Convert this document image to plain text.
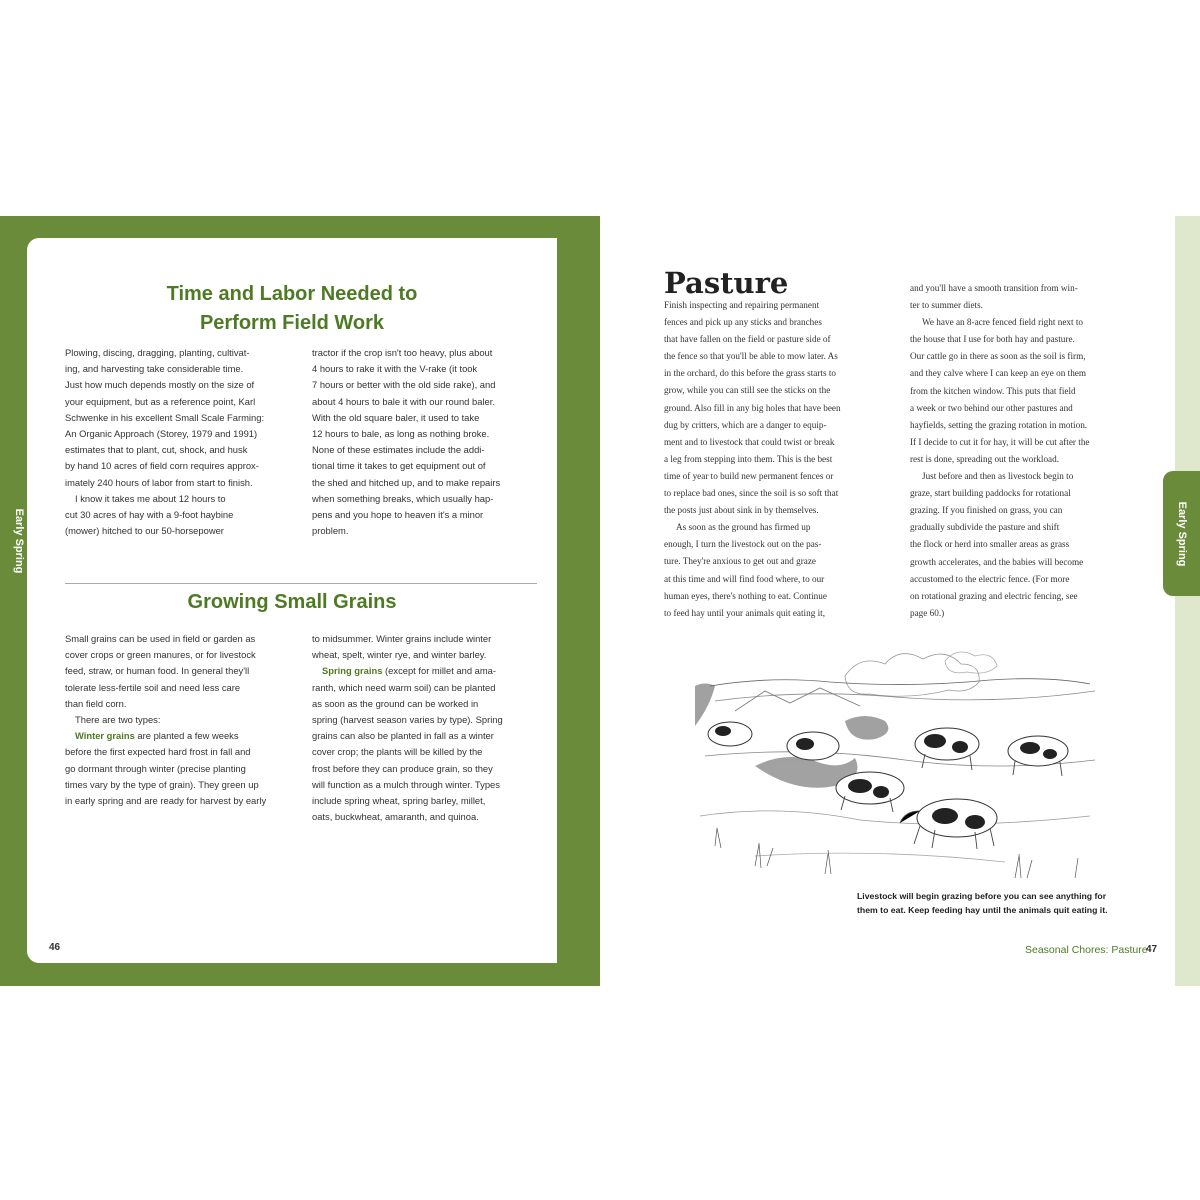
Early Spring
Time and Labor Needed to
Perform Field Work

Plowing, discing, dragging, planting, cultivat-

ing, and harvesting take considerable time.

Just how much depends mostly on the size of

your equipment, but as a reference point, Karl

Schwenke in his excellent Small Scale Farming:

An Organic Approach (Storey, 1979 and 1991)

estimates that to plant, cut, shock, and husk

by hand 10 acres of field corn requires approx-

imately 240 hours of labor from start to finish.

I know it takes me about 12 hours to

cut 30 acres of hay with a 9-foot haybine

(mower) hitched to our 50-horsepower

tractor if the crop isn't too heavy, plus about

4 hours to rake it with the V-rake (it took

7 hours or better with the old side rake), and

about 4 hours to bale it with our round baler.

With the old square baler, it used to take

12 hours to bale, as long as nothing broke.

None of these estimates include the addi-

tional time it takes to get equipment out of

the shed and hitched up, and to make repairs

when something breaks, which usually hap-

pens and you hope to heaven it's a minor

problem.

Growing Small Grains

Small grains can be used in field or garden as

cover crops or green manures, or for livestock

feed, straw, or human food. In general they'll

tolerate less-fertile soil and need less care

than field corn.

There are two types:

Winter grains are planted a few weeks

before the first expected hard frost in fall and

go dormant through winter (precise planting

times vary by the type of grain). They green up

in early spring and are ready for harvest by early

to midsummer. Winter grains include winter

wheat, spelt, winter rye, and winter barley.

Spring grains (except for millet and ama-

ranth, which need warm soil) can be planted

as soon as the ground can be worked in

spring (harvest season varies by type). Spring

grains can also be planted in fall as a winter

cover crop; the plants will be killed by the

frost before they can produce grain, so they

will function as a mulch through winter. Types

include spring wheat, spring barley, millet,

oats, buckwheat, amaranth, and quinoa.

46
Early Spring
Pasture

Finish inspecting and repairing permanent

fences and pick up any sticks and branches

that have fallen on the field or pasture side of

the fence so that you'll be able to mow later. As

in the orchard, do this before the grass starts to

grow, while you can still see the sticks on the

ground. Also fill in any big holes that have been

dug by critters, which are a danger to equip-

ment and to livestock that could twist or break

a leg from stepping into them. This is the best

time of year to build new permanent fences or

to replace bad ones, since the soil is so soft that

the posts just about sink in by themselves.

As soon as the ground has firmed up

enough, I turn the livestock out on the pas-

ture. They're anxious to get out and graze

at this time and will find food where, to our

human eyes, there's nothing to eat. Continue

to feed hay until your animals quit eating it,

and you'll have a smooth transition from win-

ter to summer diets.

We have an 8-acre fenced field right next to

the house that I use for both hay and pasture.

Our cattle go in there as soon as the soil is firm,

and they calve where I can keep an eye on them

from the kitchen window. This puts that field

a week or two behind our other pastures and

hayfields, setting the grazing rotation in motion.

If I decide to cut it for hay, it will be cut after the

rest is done, spreading out the workload.

Just before and then as livestock begin to

graze, start building paddocks for rotational

grazing. If you finished on grass, you can

gradually subdivide the pasture and shift

the flock or herd into smaller areas as grass

growth accelerates, and the babies will become

accustomed to the electric fence. (For more

on rotational grazing and electric fencing, see

page 60.)

Livestock will begin grazing before you can see anything for
them to eat. Keep feeding hay until the animals quit eating it.
Seasonal Chores: Pasture
47
